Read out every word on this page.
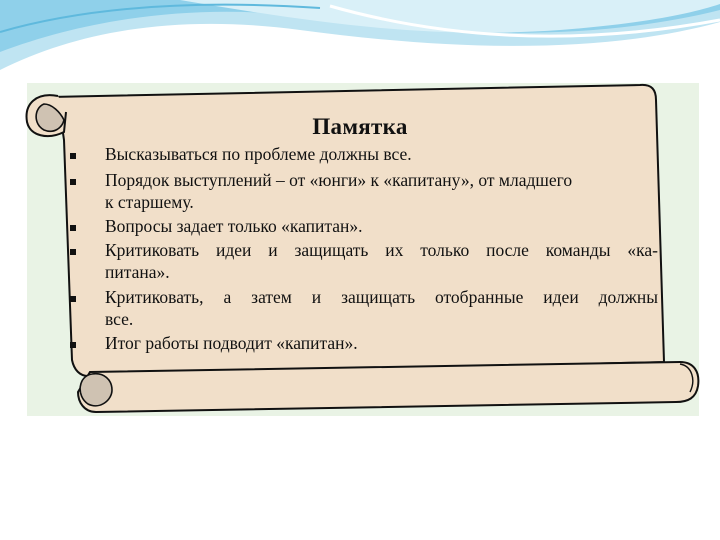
Памятка
Высказываться по проблеме должны все.
Порядок выступлений – от «юнги» к «капитану», от младшего
к старшему.
Вопросы задает только «капитан».
Критиковать идеи и защищать их только после команды «ка-
питана».
Критиковать, а затем и защищать отобранные идеи должны
все.
Итог работы подводит «капитан».
